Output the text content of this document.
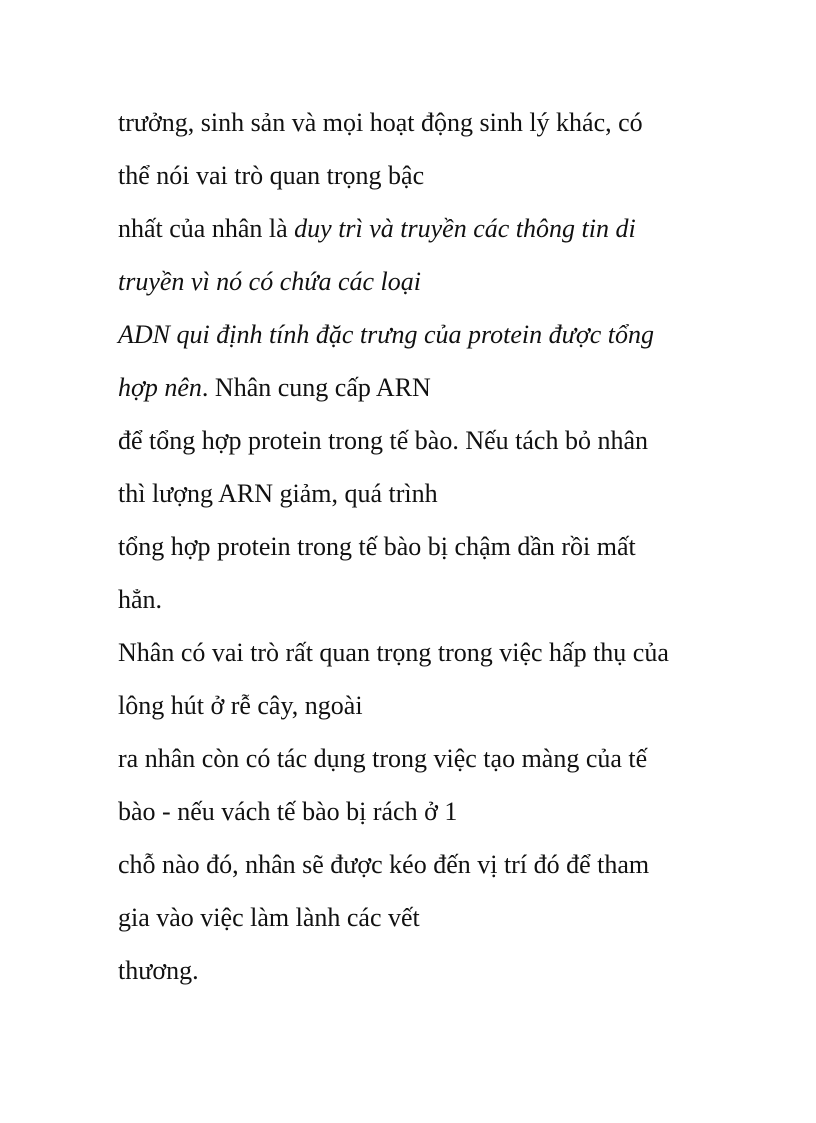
trưởng, sinh sản và mọi hoạt động sinh lý khác, có
thể nói vai trò quan trọng bậc
nhất của nhân là duy trì và truyền các thông tin di
truyền vì nó có chứa các loại
ADN qui định tính đặc trưng của protein được tổng
hợp nên. Nhân cung cấp ARN
để tổng hợp protein trong tế bào. Nếu tách bỏ nhân
thì lượng ARN giảm, quá trình
tổng hợp protein trong tế bào bị chậm dần rồi mất
hẳn.
Nhân có vai trò rất quan trọng trong việc hấp thụ của
lông hút ở rễ cây, ngoài
ra nhân còn có tác dụng trong việc tạo màng của tế
bào - nếu vách tế bào bị rách ở 1
chỗ nào đó, nhân sẽ được kéo đến vị trí đó để tham
gia vào việc làm lành các vết
thương.
